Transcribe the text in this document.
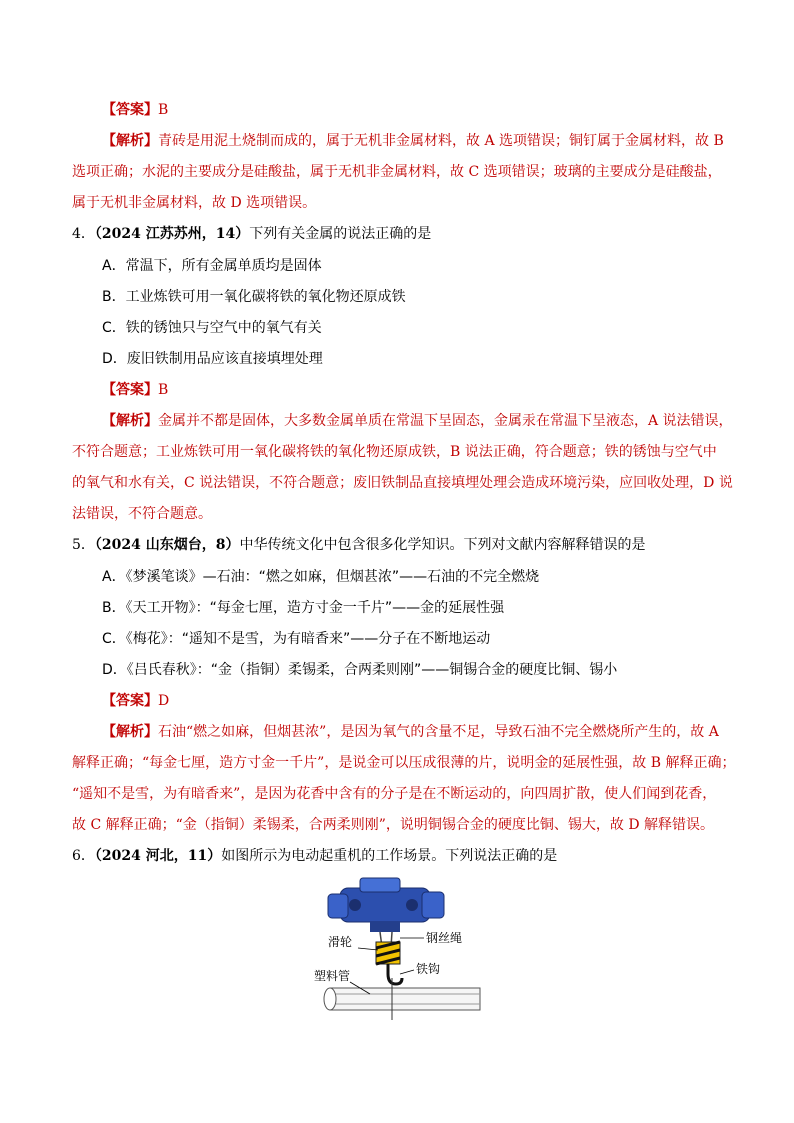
【答案】B
【解析】青砖是用泥土烧制而成的，属于无机非金属材料，故 A 选项错误；铜钉属于金属材料，故 B
选项正确；水泥的主要成分是硅酸盐，属于无机非金属材料，故 C 选项错误；玻璃的主要成分是硅酸盐，
属于无机非金属材料，故 D 选项错误。
4．（2024 江苏苏州，14）下列有关金属的说法正确的是
A．常温下，所有金属单质均是固体
B．工业炼铁可用一氧化碳将铁的氧化物还原成铁
C．铁的锈蚀只与空气中的氧气有关
D．废旧铁制用品应该直接填埋处理
【答案】B
【解析】金属并不都是固体，大多数金属单质在常温下呈固态，金属汞在常温下呈液态，A 说法错误，
不符合题意；工业炼铁可用一氧化碳将铁的氧化物还原成铁，B 说法正确，符合题意；铁的锈蚀与空气中
的氧气和水有关，C 说法错误，不符合题意；废旧铁制品直接填埋处理会造成环境污染，应回收处理，D 说
法错误，不符合题意。
5．（2024 山东烟台，8）中华传统文化中包含很多化学知识。下列对文献内容解释错误的是
A．《梦溪笔谈》—石油：“燃之如麻，但烟甚浓”——石油的不完全燃烧
B．《天工开物》：“每金七厘，造方寸金一千片”——金的延展性强
C．《梅花》：“遥知不是雪，为有暗香来”——分子在不断地运动
D．《吕氏春秋》：“金（指铜）柔锡柔，合两柔则刚”——铜锡合金的硬度比铜、锡小
【答案】D
【解析】石油“燃之如麻，但烟甚浓”，是因为氧气的含量不足，导致石油不完全燃烧所产生的，故 A
解释正确；“每金七厘，造方寸金一千片”，是说金可以压成很薄的片，说明金的延展性强，故 B 解释正确；
“遥知不是雪，为有暗香来”，是因为花香中含有的分子是在不断运动的，向四周扩散，使人们闻到花香，
故 C 解释正确；“金（指铜）柔锡柔，合两柔则刚”，说明铜锡合金的硬度比铜、锡大，故 D 解释错误。
6．（2024 河北，11）如图所示为电动起重机的工作场景。下列说法正确的是
滑轮	钢丝绳
铁钩
塑料管
